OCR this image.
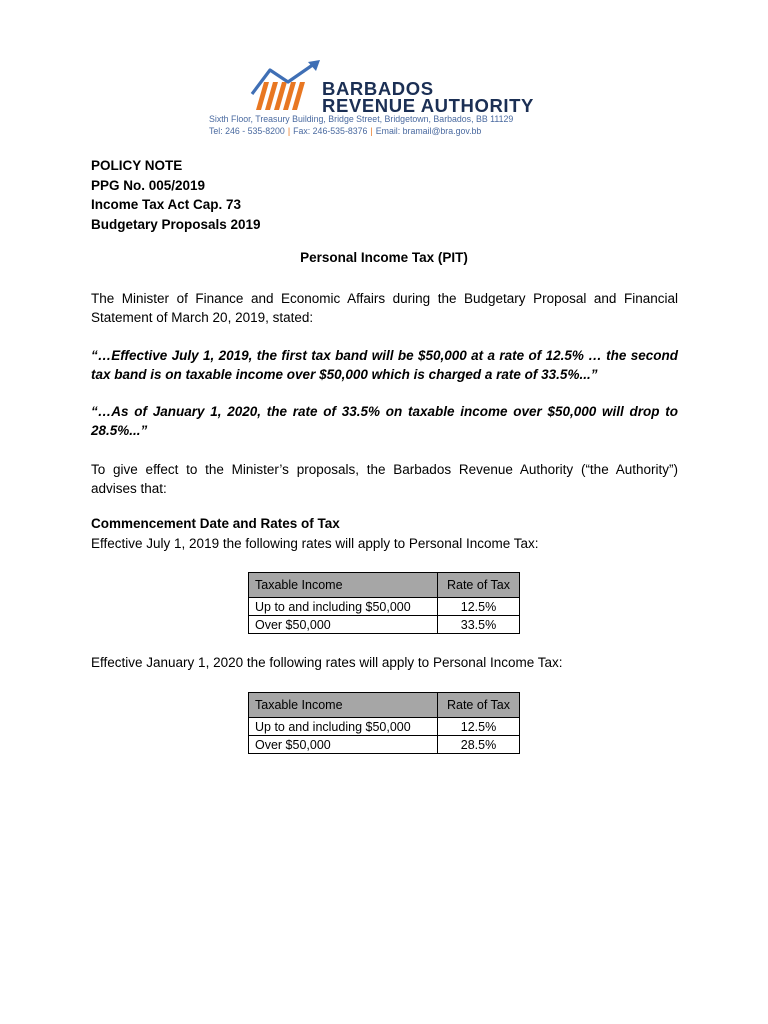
BARBADOS
REVENUE AUTHORITY
Sixth Floor, Treasury Building, Bridge Street, Bridgetown, Barbados, BB 11129
Tel: 246 - 535-8200 | Fax: 246-535-8376 | Email: bramail@bra.gov.bb
POLICY NOTE
PPG No. 005/2019
Income Tax Act Cap. 73
Budgetary Proposals 2019
Personal Income Tax (PIT)
The Minister of Finance and Economic Affairs during the Budgetary Proposal and Financial Statement of March 20, 2019, stated:
“…Effective July 1, 2019, the first tax band will be $50,000 at a rate of 12.5% … the second tax band is on taxable income over $50,000 which is charged a rate of 33.5%...”
“…As of January 1, 2020, the rate of 33.5% on taxable income over $50,000 will drop to 28.5%...”
To give effect to the Minister’s proposals, the Barbados Revenue Authority (“the Authority”) advises that:
Commencement Date and Rates of Tax
Effective July 1, 2019 the following rates will apply to Personal Income Tax:
Taxable Income	Rate of Tax
Up to and including $50,000	12.5%
Over $50,000	33.5%
Effective January 1, 2020 the following rates will apply to Personal Income Tax:
Taxable Income	Rate of Tax
Up to and including $50,000	12.5%
Over $50,000	28.5%
